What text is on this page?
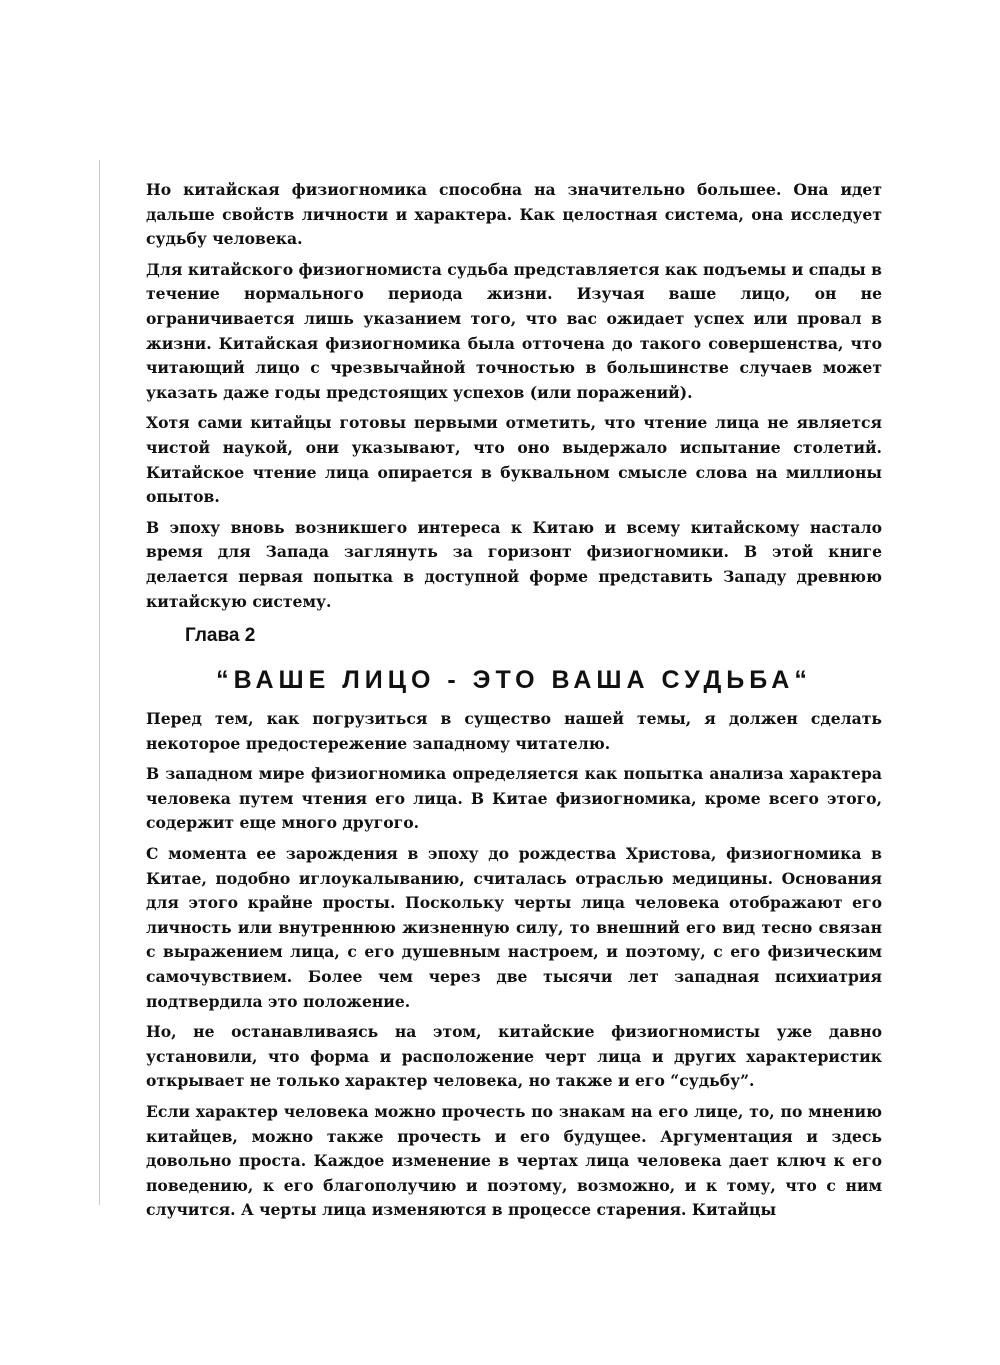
Но китайская физиогномика способна на значительно большее. Она идет дальше свойств личности и характера. Как целостная система, она исследует судьбу человека.

Для китайского физиогномиста судьба представляется как подъемы и спады в течение нормального периода жизни. Изучая ваше лицо, он не ограничивается лишь указанием того, что вас ожидает успех или провал в жизни. Китайская физиогномика была отточена до такого совершенства, что читающий лицо с чрезвычайной точностью в большинстве случаев может указать даже годы предстоящих успехов (или поражений).

Хотя сами китайцы готовы первыми отметить, что чтение лица не является чистой наукой, они указывают, что оно выдержало испытание столетий. Китайское чтение лица опирается в буквальном смысле слова на миллионы опытов.

В эпоху вновь возникшего интереса к Китаю и всему китайскому настало время для Запада заглянуть за горизонт физиогномики. В этой книге делается первая попытка в доступной форме представить Западу древнюю китайскую систему.

Глава 2
“ВАШЕ ЛИЦО - ЭТО ВАША СУДЬБА“

Перед тем, как погрузиться в существо нашей темы, я должен сделать некоторое предостережение западному читателю.

В западном мире физиогномика определяется как попытка анализа характера человека путем чтения его лица. В Китае физиогномика, кроме всего этого, содержит еще много другого.

С момента ее зарождения в эпоху до рождества Христова, физиогномика в Китае, подобно иглоукалыванию, считалась отраслью медицины. Основания для этого крайне просты. Поскольку черты лица человека отображают его личность или внутреннюю жизненную силу, то внешний его вид тесно связан с выражением лица, с его душевным настроем, и поэтому, с его физическим самочувствием. Более чем через две тысячи лет западная психиатрия подтвердила это положение.

Но, не останавливаясь на этом, китайские физиогномисты уже давно установили, что форма и расположение черт лица и других характеристик открывает не только характер человека, но также и его “судьбу”.

Если характер человека можно прочесть по знакам на его лице, то, по мнению китайцев, можно также прочесть и его будущее. Аргументация и здесь довольно проста. Каждое изменение в чертах лица человека дает ключ к его поведению, к его благополучию и поэтому, возможно, и к тому, что с ним случится. А черты лица изменяются в процессе старения. Китайцы
